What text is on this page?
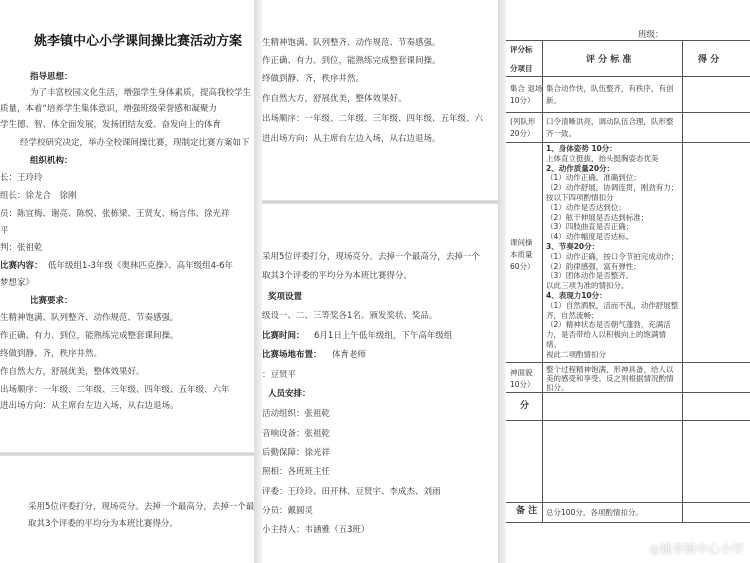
姚李镇中心小学课间操比赛活动方案
指导思想：
为了丰富校园文化生活，增强学生身体素质，提高我校学生
质量，本着“培养学生集体意识，增强班级荣誉感和凝聚力
学生德、智、体全面发展，发扬团结友爱、奋发向上的体育
经学校研究决定，举办全校课间操比赛，现制定比赛方案如下
组织机构：
长：王玲玲
组长：徐龙合　徐刚
员：陈宜梅、谢亮、陈悦、张栋梁、王贤友、杨言伟、徐光祥
平
判：张祖乾
比赛内容： 低年级组1-3年级《奥林匹克操》、高年级组4-6年
梦想家》
比赛要求：
生精神饱满、队列整齐、动作规范、节奏感强。
作正确、有力、到位，能熟练完成整套课间操。
终做到静、齐，秩序井然。
作自然大方，舒展优美，整体效果好。
出场顺序：一年级、二年级、三年级、四年级、五年级、六年
进出场方向：从主席台左边入场，从右边退场。
采用5位评委打分，现场亮分。去掉一个最高分，去掉一个最
取其3个评委的平均分为本班比赛得分。
生精神饱满、队列整齐、动作规范、节奏感强。
作正确、有力、到位，能熟练完成整套课间操。
终做到静、齐，秩序井然。
作自然大方，舒展优美，整体效果好。
出场顺序：一年级、二年级、三年级、四年级、五年级、六
进出场方向：从主席台左边入场，从右边退场。
采用5位评委打分，现场亮分。去掉一个最高分，去掉一个
取其3个评委的平均分为本班比赛得分。
奖项设置
级设一、二、三等奖各1名。颁发奖状、奖品。
比赛时间： 6月1日上午低年级组，下午高年级组
比赛场地布置： 体育老师
：豆贤平
人员安排：
活动组织：张祖乾
音响设备：张祖乾
后勤保障：徐光祥
照相：各班班主任
评委：王玲玲、田开林、豆贤宇、李成杰、刘雨
分员：戴圆灵
小主持人：韦涵雅（五3班）
班级：
评分标
分项目
评 分 标 准	得 分
集合 退场
10分）
集合动作快，队伍整齐，有秩序，有创
新。
(列队形
20分）
口令清晰洪亮，调动队伍合理，队形整
齐一致。
课间操
本质量
60分）
1、身体姿势 10分：
上体直立挺拔，抬头挺胸姿态优美
2、动作质量20分：
（1）动作正确、准确到位；
（2）动作舒展，协调连贯，刚劲有力；
按以下四项酌情扣分
（1）动作是否达到位；
（2）舷干伸展是否达到标准；
（3）四肢曲直是否正确；
（4）动作幅度是否达标。
3、节奏20分：
（1）动作正确，按口令节拍完成动作；
（2）韵律感强，富有弹性；
（3）团体动作是否整齐。
以此三项为准的情扣分。
4、表现力10分：
（1）自然洒脱，活而不乱，动作舒展整
齐，自然流畅；
（2）精神状态是否朝气蓬勃，充满活
力，是否带给人以积极向上的饱满情
绪。
视此二项酌情扣分
神面貌
10分）
整个过程精神饱满，形神具备，给人以
美的感受和享受。反之则根据情况酌情
扣分。
分
备 注 总分100分，各项酌情扣分。
◎姚李镇中心小学
